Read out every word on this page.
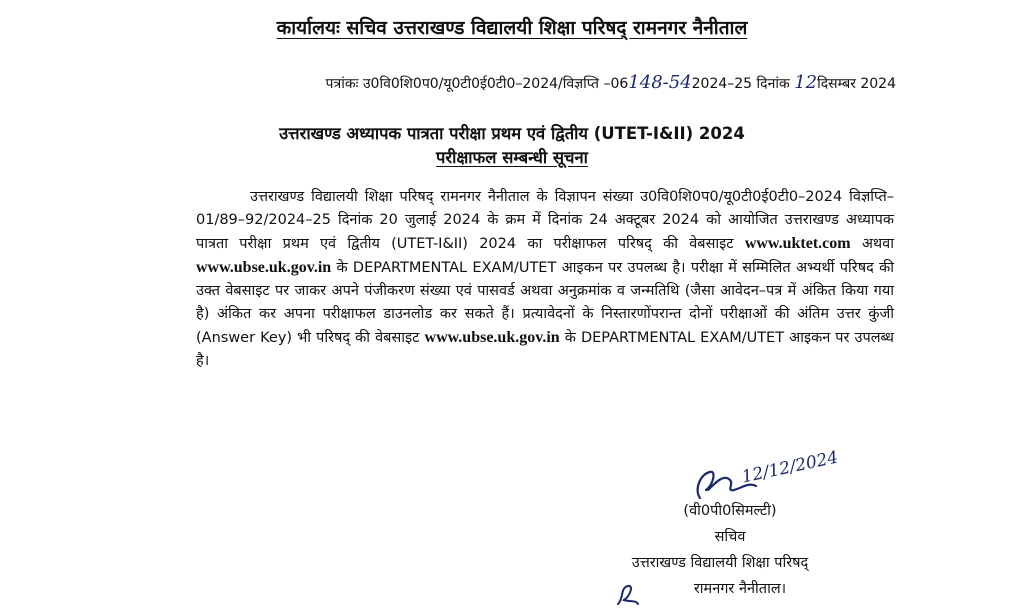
कार्यालयः सचिव उत्तराखण्ड विद्यालयी शिक्षा परिषद् रामनगर नैनीताल
पत्रांकः उ0वि0शि0प0/यू0टी0ई0टी0–2024/विज्ञप्ति –06148-542024–25 दिनांक 12दिसम्बर 2024
उत्तराखण्ड अध्यापक पात्रता परीक्षा प्रथम एवं द्वितीय (UTET-I&II) 2024
परीक्षाफल सम्बन्धी सूचना
उत्तराखण्ड विद्यालयी शिक्षा परिषद् रामनगर नैनीताल के विज्ञापन संख्या उ0वि0शि0प0/यू0टी0ई0टी0–2024 विज्ञप्ति–01/89–92/2024–25 दिनांक 20 जुलाई 2024 के क्रम में दिनांक 24 अक्टूबर 2024 को आयोजित उत्तराखण्ड अध्यापक पात्रता परीक्षा प्रथम एवं द्वितीय (UTET-I&II) 2024 का परीक्षाफल परिषद् की वेबसाइट www.uktet.com अथवा www.ubse.uk.gov.in के DEPARTMENTAL EXAM/UTET आइकन पर उपलब्ध है। परीक्षा में सम्मिलित अभ्यर्थी परिषद की उक्त वेबसाइट पर जाकर अपने पंजीकरण संख्या एवं पासवर्ड अथवा अनुक्रमांक व जन्मतिथि (जैसा आवेदन–पत्र में अंकित किया गया है) अंकित कर अपना परीक्षाफल डाउनलोड कर सकते हैं। प्रत्यावेदनों के निस्तारणोंपरान्त दोनों परीक्षाओं की अंतिम उत्तर कुंजी (Answer Key) भी परिषद् की वेबसाइट www.ubse.uk.gov.in के DEPARTMENTAL EXAM/UTET आइकन पर उपलब्ध है।
12/12/2024
(वी0पी0सिमल्टी)
सचिव
उत्तराखण्ड विद्यालयी शिक्षा परिषद्
रामनगर नैनीताल।
